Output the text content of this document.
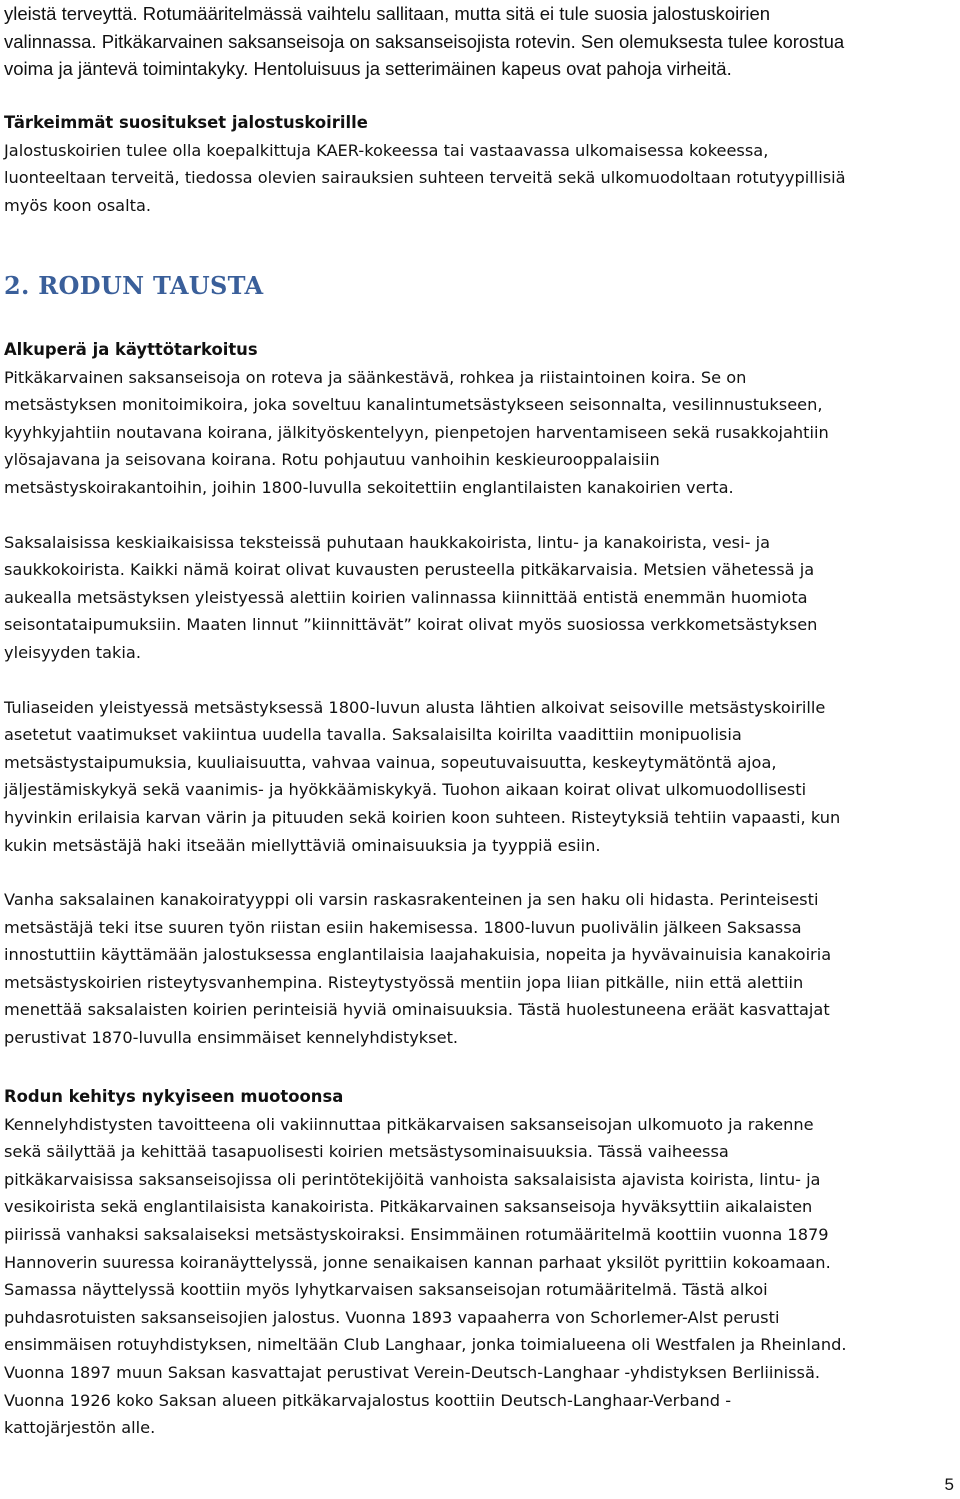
yleistä terveyttä. Rotumääritelmässä vaihtelu sallitaan, mutta sitä ei tule suosia jalostuskoirien

valinnassa. Pitkäkarvainen saksanseisoja on saksanseisojista rotevin. Sen olemuksesta tulee korostua

voima ja jäntevä toimintakyky. Hentoluisuus ja setterimäinen kapeus ovat pahoja virheitä.

Tärkeimmät suositukset jalostuskoirille

Jalostuskoirien tulee olla koepalkittuja KAER-kokeessa tai vastaavassa ulkomaisessa kokeessa,

luonteeltaan terveitä, tiedossa olevien sairauksien suhteen terveitä sekä ulkomuodoltaan rotutyypillisiä

myös koon osalta.

2. RODUN TAUSTA

Alkuperä ja käyttötarkoitus

Pitkäkarvainen saksanseisoja on roteva ja säänkestävä, rohkea ja riistaintoinen koira. Se on

metsästyksen monitoimikoira, joka soveltuu kanalintumetsästykseen seisonnalta, vesilinnustukseen,

kyyhkyjahtiin noutavana koirana, jälkityöskentelyyn, pienpetojen harventamiseen sekä rusakkojahtiin

ylösajavana ja seisovana koirana. Rotu pohjautuu vanhoihin keskieurooppalaisiin

metsästyskoirakantoihin, joihin 1800-luvulla sekoitettiin englantilaisten kanakoirien verta.

Saksalaisissa keskiaikaisissa teksteissä puhutaan haukkakoirista, lintu- ja kanakoirista, vesi- ja

saukkokoirista. Kaikki nämä koirat olivat kuvausten perusteella pitkäkarvaisia. Metsien vähetessä ja

aukealla metsästyksen yleistyessä alettiin koirien valinnassa kiinnittää entistä enemmän huomiota

seisontataipumuksiin. Maaten linnut ”kiinnittävät” koirat olivat myös suosiossa verkkometsästyksen

yleisyyden takia.

Tuliaseiden yleistyessä metsästyksessä 1800-luvun alusta lähtien alkoivat seisoville metsästyskoirille

asetetut vaatimukset vakiintua uudella tavalla. Saksalaisilta koirilta vaadittiin monipuolisia

metsästystaipumuksia, kuuliaisuutta, vahvaa vainua, sopeutuvaisuutta, keskeytymätöntä ajoa,

jäljestämiskykyä sekä vaanimis- ja hyökkäämiskykyä. Tuohon aikaan koirat olivat ulkomuodollisesti

hyvinkin erilaisia karvan värin ja pituuden sekä koirien koon suhteen. Risteytyksiä tehtiin vapaasti, kun

kukin metsästäjä haki itseään miellyttäviä ominaisuuksia ja tyyppiä esiin.

Vanha saksalainen kanakoiratyyppi oli varsin raskasrakenteinen ja sen haku oli hidasta. Perinteisesti

metsästäjä teki itse suuren työn riistan esiin hakemisessa. 1800-luvun puolivälin jälkeen Saksassa

innostuttiin käyttämään jalostuksessa englantilaisia laajahakuisia, nopeita ja hyvävainuisia kanakoiria

metsästyskoirien risteytysvanhempina. Risteytystyössä mentiin jopa liian pitkälle, niin että alettiin

menettää saksalaisten koirien perinteisiä hyviä ominaisuuksia. Tästä huolestuneena eräät kasvattajat

perustivat 1870-luvulla ensimmäiset kennelyhdistykset.

Rodun kehitys nykyiseen muotoonsa

Kennelyhdistysten tavoitteena oli vakiinnuttaa pitkäkarvaisen saksanseisojan ulkomuoto ja rakenne

sekä säilyttää ja kehittää tasapuolisesti koirien metsästysominaisuuksia. Tässä vaiheessa

pitkäkarvaisissa saksanseisojissa oli perintötekijöitä vanhoista saksalaisista ajavista koirista, lintu- ja

vesikoirista sekä englantilaisista kanakoirista. Pitkäkarvainen saksanseisoja hyväksyttiin aikalaisten

piirissä vanhaksi saksalaiseksi metsästyskoiraksi. Ensimmäinen rotumääritelmä koottiin vuonna 1879

Hannoverin suuressa koiranäyttelyssä, jonne senaikaisen kannan parhaat yksilöt pyrittiin kokoamaan.

Samassa näyttelyssä koottiin myös lyhytkarvaisen saksanseisojan rotumääritelmä. Tästä alkoi

puhdasrotuisten saksanseisojien jalostus. Vuonna 1893 vapaaherra von Schorlemer-Alst perusti

ensimmäisen rotuyhdistyksen, nimeltään Club Langhaar, jonka toimialueena oli Westfalen ja Rheinland.

Vuonna 1897 muun Saksan kasvattajat perustivat Verein-Deutsch-Langhaar -yhdistyksen Berliinissä.

Vuonna 1926 koko Saksan alueen pitkäkarvajalostus koottiin Deutsch-Langhaar-Verband -

kattojärjestön alle.

5
